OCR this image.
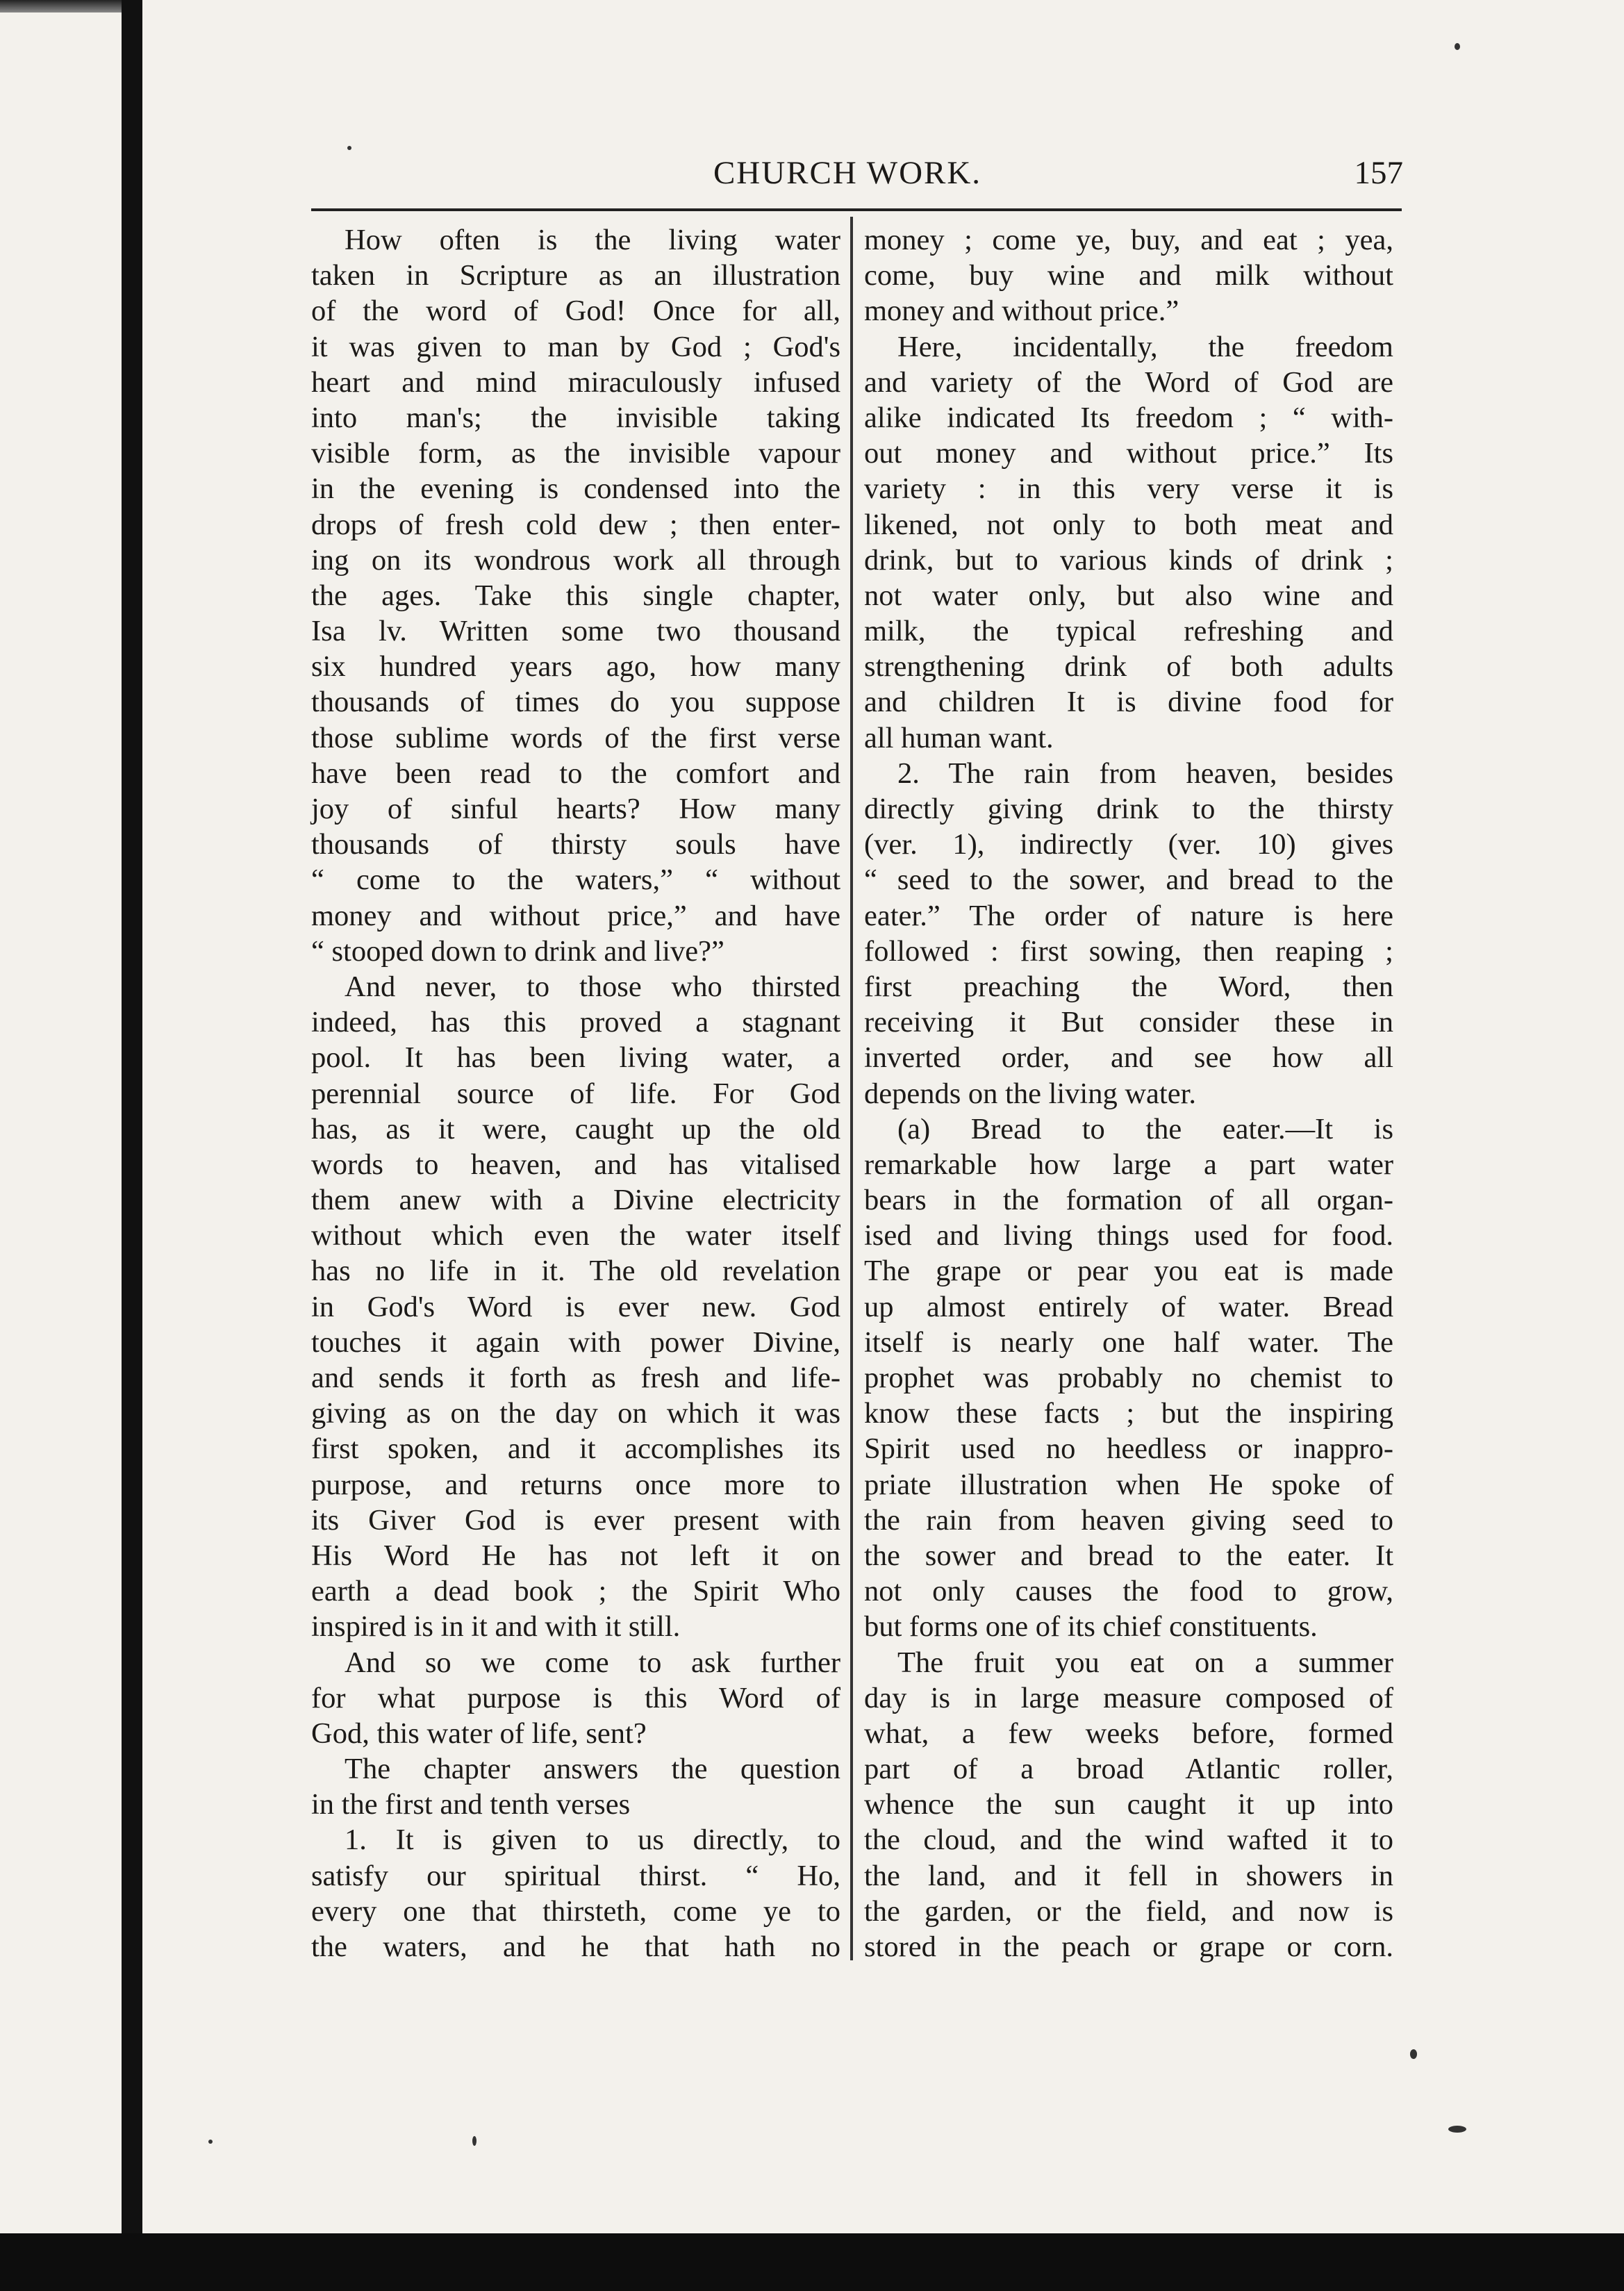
CHURCH WORK.	157
How often is the living water
taken in Scripture as an illustration
of the word of God! Once for all,
it was given to man by God ; God's
heart and mind miraculously infused
into man's; the invisible taking
visible form, as the invisible vapour
in the evening is condensed into the
drops of fresh cold dew ; then enter-
ing on its wondrous work all through
the ages. Take this single chapter,
Isa lv. Written some two thousand
six hundred years ago, how many
thousands of times do you suppose
those sublime words of the first verse
have been read to the comfort and
joy of sinful hearts? How many
thousands of thirsty souls have
“ come to the waters,” “ without
money and without price,” and have
“ stooped down to drink and live?”
And never, to those who thirsted
indeed, has this proved a stagnant
pool. It has been living water, a
perennial source of life. For God
has, as it were, caught up the old
words to heaven, and has vitalised
them anew with a Divine electricity
without which even the water itself
has no life in it. The old revelation
in God's Word is ever new. God
touches it again with power Divine,
and sends it forth as fresh and life-
giving as on the day on which it was
first spoken, and it accomplishes its
purpose, and returns once more to
its Giver God is ever present with
His Word He has not left it on
earth a dead book ; the Spirit Who
inspired is in it and with it still.
And so we come to ask further
for what purpose is this Word of
God, this water of life, sent?
The chapter answers the question
in the first and tenth verses
1. It is given to us directly, to
satisfy our spiritual thirst. “ Ho,
every one that thirsteth, come ye to
the waters, and he that hath no
money ; come ye, buy, and eat ; yea,
come, buy wine and milk without
money and without price.”
Here, incidentally, the freedom
and variety of the Word of God are
alike indicated Its freedom ; “ with-
out money and without price.” Its
variety : in this very verse it is
likened, not only to both meat and
drink, but to various kinds of drink ;
not water only, but also wine and
milk, the typical refreshing and
strengthening drink of both adults
and children It is divine food for
all human want.
2. The rain from heaven, besides
directly giving drink to the thirsty
(ver. 1), indirectly (ver. 10) gives
“ seed to the sower, and bread to the
eater.” The order of nature is here
followed : first sowing, then reaping ;
first preaching the Word, then
receiving it But consider these in
inverted order, and see how all
depends on the living water.
(a) Bread to the eater.—It is
remarkable how large a part water
bears in the formation of all organ-
ised and living things used for food.
The grape or pear you eat is made
up almost entirely of water. Bread
itself is nearly one half water. The
prophet was probably no chemist to
know these facts ; but the inspiring
Spirit used no heedless or inappro-
priate illustration when He spoke of
the rain from heaven giving seed to
the sower and bread to the eater. It
not only causes the food to grow,
but forms one of its chief constituents.
The fruit you eat on a summer
day is in large measure composed of
what, a few weeks before, formed
part of a broad Atlantic roller,
whence the sun caught it up into
the cloud, and the wind wafted it to
the land, and it fell in showers in
the garden, or the field, and now is
stored in the peach or grape or corn.
